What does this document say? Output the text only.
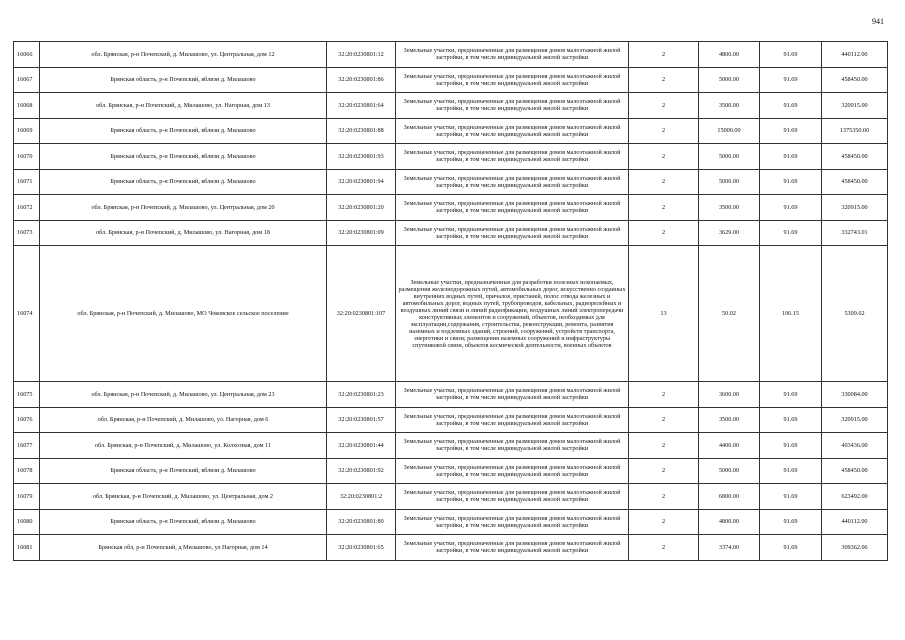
941
16066	обл. Брянская, р-н Почепский, д. Милашово, ул. Центральная, дом 12	32:20:0230801:12	Земельные участки, предназначенные для размещения домов малоэтажной жилой застройки, в том числе индивидуальной жилой застройки	2	4800.00	91.69	440112.00
16067	Брянская область, р-н Почепский, вблизи д. Милашово	32:20:0230801:86	Земельные участки, предназначенные для размещения домов малоэтажной жилой застройки, в том числе индивидуальной жилой застройки	2	5000.00	91.69	458450.00
16068	обл. Брянская, р-н Почепский, д. Милашово, ул. Нагорная, дом 13	32:20:0230801:64	Земельные участки, предназначенные для размещения домов малоэтажной жилой застройки, в том числе индивидуальной жилой застройки	2	3500.00	91.69	320915.00
16069	Брянская область, р-н Почепский, вблизи д. Милашово	32:20:0230801:88	Земельные участки, предназначенные для размещения домов малоэтажной жилой застройки, в том числе индивидуальной жилой застройки	2	15000.00	91.69	1375350.00
16070	Брянская область, р-н Почепский, вблизи д. Милашово	32:20:0230801:93	Земельные участки, предназначенные для размещения домов малоэтажной жилой застройки, в том числе индивидуальной жилой застройки	2	5000.00	91.69	458450.00
16071	Брянская область, р-н Почепский, вблизи д. Милашово	32:20:0230801:94	Земельные участки, предназначенные для размещения домов малоэтажной жилой застройки, в том числе индивидуальной жилой застройки	2	5000.00	91.69	458450.00
16072	обл. Брянская, р-н Почепский, д. Милашово, ул. Центральная, дом 20	32:20:0230801:20	Земельные участки, предназначенные для размещения домов малоэтажной жилой застройки, в том числе индивидуальной жилой застройки	2	3500.00	91.69	320915.00
16073	обл. Брянская, р-н Почепский, д. Милашово, ул. Нагорная, дом 18	32:20:0230801:09	Земельные участки, предназначенные для размещения домов малоэтажной жилой застройки, в том числе индивидуальной жилой застройки	2	3629.00	91.69	332743.01
16074	обл. Брянская, р-н Почепский, д. Милашово, МО Чоковское сельское поселение	32:20:0230801:107	Земельные участки, предназначенные для разработки полезных ископаемых, размещения железнодорожных путей, автомобильных дорог, искусственно созданных внутренних водных путей, причалов, пристаней, полос отвода железных и автомобильных дорог, водных путей, трубопроводов, кабельных, радиорелейных и воздушных линий связи и линий радиофикации, воздушных линий электропередачи конструктивных элементов и сооружений, объектов, необходимых для эксплуатации,содержания, строительства, реконструкции, ремонта, развития наземных и подземных зданий, строений, сооружений, устройств транспорта, энергетики и связи; размещения наземных сооружений и инфраструктуры спутниковой связи, объектов космической деятельности, военных объектов	13	50.02	106.15	5309.62
16075	обл. Брянская, р-н Почепский, д. Милашово, ул. Центральная, дом 23	32:20:0230801:23	Земельные участки, предназначенные для размещения домов малоэтажной жилой застройки, в том числе индивидуальной жилой застройки	2	3600.00	91.69	330084.00
16076	обл. Брянская, р-н Почепский, д. Милашово, ул. Нагорная, дом 6	32:20:0230801:57	Земельные участки, предназначенные для размещения домов малоэтажной жилой застройки, в том числе индивидуальной жилой застройки	2	3500.00	91.69	320915.00
16077	обл. Брянская, р-н Почепский, д. Милашово, ул. Колхозная, дом 11	32:20:0230801:44	Земельные участки, предназначенные для размещения домов малоэтажной жилой застройки, в том числе индивидуальной жилой застройки	2	4400.00	91.69	403436.00
16078	Брянская область, р-н Почепский, вблизи д. Милашово	32:20:0230801:92	Земельные участки, предназначенные для размещения домов малоэтажной жилой застройки, в том числе индивидуальной жилой застройки	2	5000.00	91.69	458450.00
16079	обл. Брянская, р-н Почепский, д. Милашово, ул. Центральная, дом 2	32:20:0230801:2	Земельные участки, предназначенные для размещения домов малоэтажной жилой застройки, в том числе индивидуальной жилой застройки	2	6800.00	91.69	623492.00
16080	Брянская область, р-н Почепский, вблизи д. Милашово	32:20:0230801:80	Земельные участки, предназначенные для размещения домов малоэтажной жилой застройки, в том числе индивидуальной жилой застройки	2	4800.00	91.69	440112.00
16081	Брянская обл, р-н Почепский, д Милашово, ул Нагорная, дом 14	32:20:0230801:65	Земельные участки, предназначенные для размещения домов малоэтажной жилой застройки, в том числе индивидуальной жилой застройки	2	3374.00	91.69	309362.06
